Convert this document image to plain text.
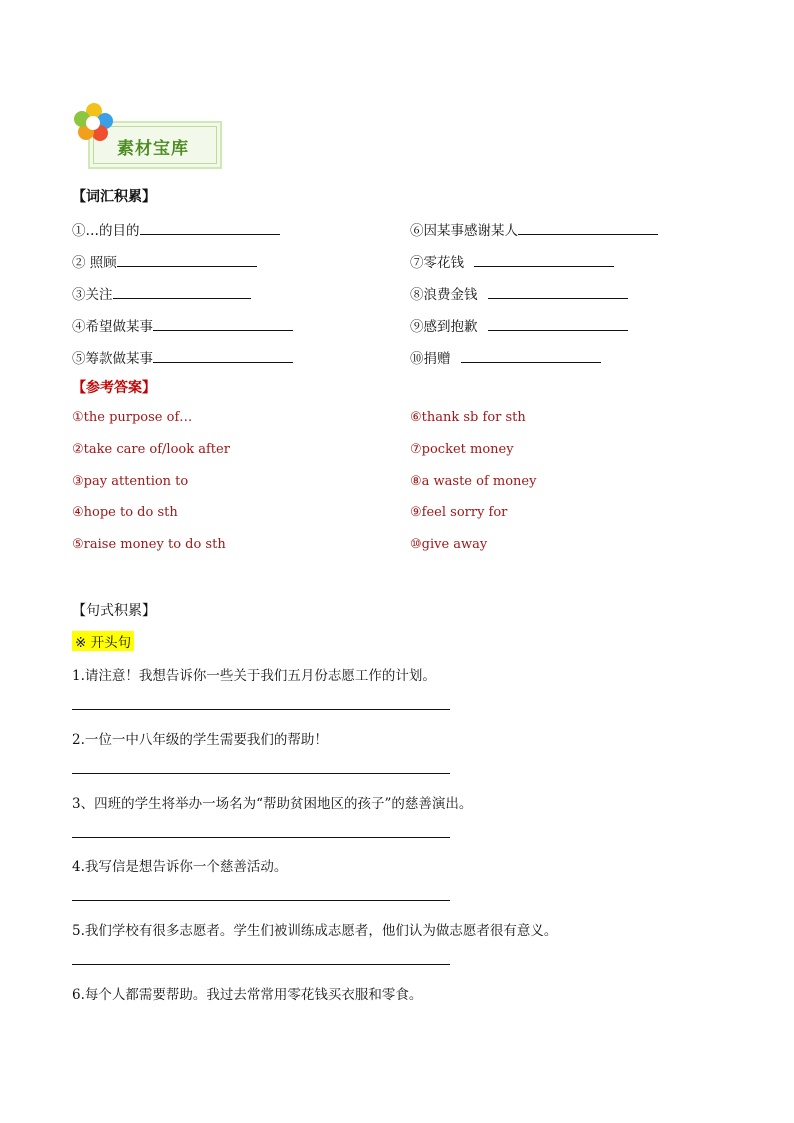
素材宝库
【词汇积累】
①…的目的
② 照顾
③关注
④希望做某事
⑤筹款做某事
⑥因某事感谢某人
⑦零花钱
⑧浪费金钱
⑨感到抱歉
⑩捐赠
【参考答案】
①the purpose of…
②take care of/look after
③pay attention to
④hope to do sth
⑤raise money to do sth
⑥thank sb for sth
⑦pocket money
⑧a waste of money
⑨feel sorry for
⑩give away
【句式积累】
※ 开头句
1.请注意！我想告诉你一些关于我们五月份志愿工作的计划。
2.一位一中八年级的学生需要我们的帮助！
3、四班的学生将举办一场名为“帮助贫困地区的孩子”的慈善演出。
4.我写信是想告诉你一个慈善活动。
5.我们学校有很多志愿者。学生们被训练成志愿者，他们认为做志愿者很有意义。
6.每个人都需要帮助。我过去常常用零花钱买衣服和零食。
